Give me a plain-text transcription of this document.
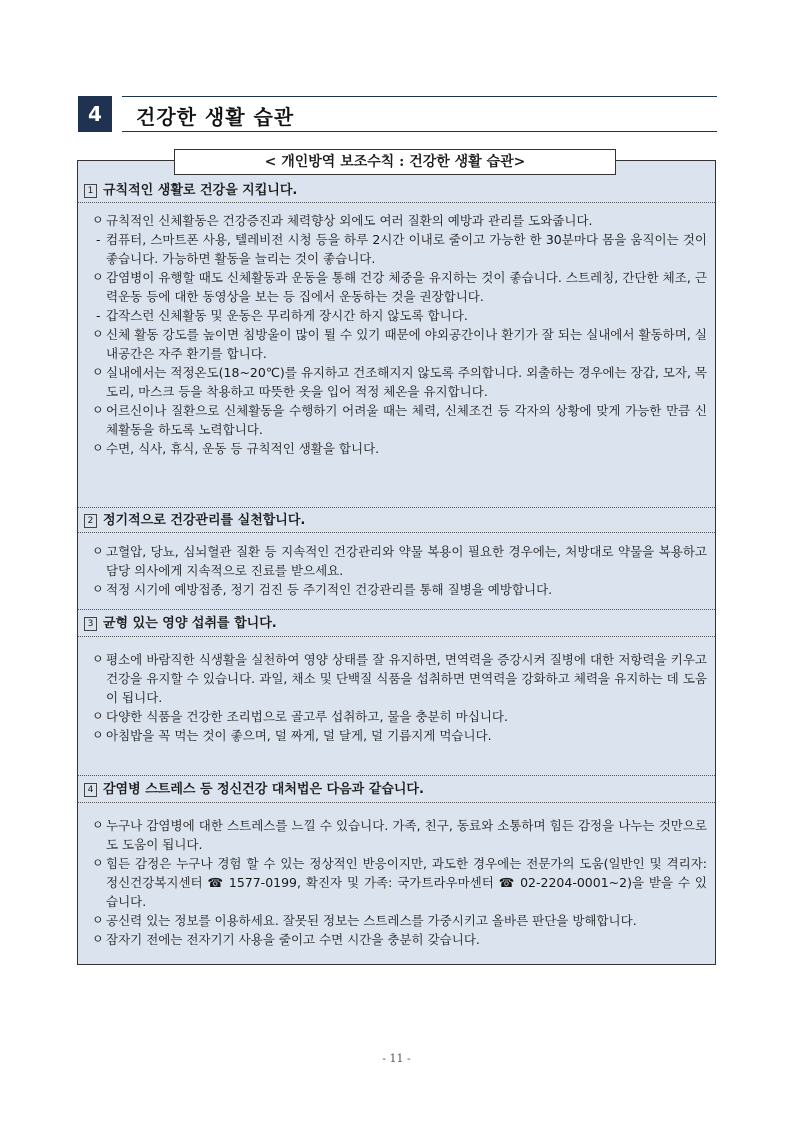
4	건강한 생활 습관
< 개인방역 보조수칙 : 건강한 생활 습관>
1 규칙적인 생활로 건강을 지킵니다.
ㅇ 규칙적인 신체활동은 건강증진과 체력향상 외에도 여러 질환의 예방과 관리를 도와줍니다.
- 컴퓨터, 스마트폰 사용, 텔레비전 시청 등을 하루 2시간 이내로 줄이고 가능한 한 30분마다 몸을 움직이는 것이 좋습니다. 가능하면 활동을 늘리는 것이 좋습니다.
ㅇ 감염병이 유행할 때도 신체활동과 운동을 통해 건강 체중을 유지하는 것이 좋습니다. 스트레칭, 간단한 체조, 근력운동 등에 대한 동영상을 보는 등 집에서 운동하는 것을 권장합니다.
- 갑작스런 신체활동 및 운동은 무리하게 장시간 하지 않도록 합니다.
ㅇ 신체 활동 강도를 높이면 침방울이 많이 튈 수 있기 때문에 야외공간이나 환기가 잘 되는 실내에서 활동하며, 실내공간은 자주 환기를 합니다.
ㅇ 실내에서는 적정온도(18~20℃)를 유지하고 건조해지지 않도록 주의합니다. 외출하는 경우에는 장갑, 모자, 목도리, 마스크 등을 착용하고 따뜻한 옷을 입어 적정 체온을 유지합니다.
ㅇ 어르신이나 질환으로 신체활동을 수행하기 어려울 때는 체력, 신체조건 등 각자의 상황에 맞게 가능한 만큼 신체활동을 하도록 노력합니다.
ㅇ 수면, 식사, 휴식, 운동 등 규칙적인 생활을 합니다.
2 정기적으로 건강관리를 실천합니다.
ㅇ 고혈압, 당뇨, 심뇌혈관 질환 등 지속적인 건강관리와 약물 복용이 필요한 경우에는, 처방대로 약물을 복용하고 담당 의사에게 지속적으로 진료를 받으세요.
ㅇ 적정 시기에 예방접종, 정기 검진 등 주기적인 건강관리를 통해 질병을 예방합니다.
3 균형 있는 영양 섭취를 합니다.
ㅇ 평소에 바람직한 식생활을 실천하여 영양 상태를 잘 유지하면, 면역력을 증강시켜 질병에 대한 저항력을 키우고 건강을 유지할 수 있습니다. 과일, 채소 및 단백질 식품을 섭취하면 면역력을 강화하고 체력을 유지하는 데 도움이 됩니다.
ㅇ 다양한 식품을 건강한 조리법으로 골고루 섭취하고, 물을 충분히 마십니다.
ㅇ 아침밥을 꼭 먹는 것이 좋으며, 덜 짜게, 덜 달게, 덜 기름지게 먹습니다.
4 감염병 스트레스 등 정신건강 대처법은 다음과 같습니다.
ㅇ 누구나 감염병에 대한 스트레스를 느낄 수 있습니다. 가족, 친구, 동료와 소통하며 힘든 감정을 나누는 것만으로도 도움이 됩니다.
ㅇ 힘든 감정은 누구나 경험 할 수 있는 정상적인 반응이지만, 과도한 경우에는 전문가의 도움(일반인 및 격리자: 정신건강복지센터 ☎ 1577-0199, 확진자 및 가족: 국가트라우마센터 ☎ 02-2204-0001~2)을 받을 수 있습니다.
ㅇ 공신력 있는 정보를 이용하세요. 잘못된 정보는 스트레스를 가중시키고 올바른 판단을 방해합니다.
ㅇ 잠자기 전에는 전자기기 사용을 줄이고 수면 시간을 충분히 갖습니다.
- 11 -
